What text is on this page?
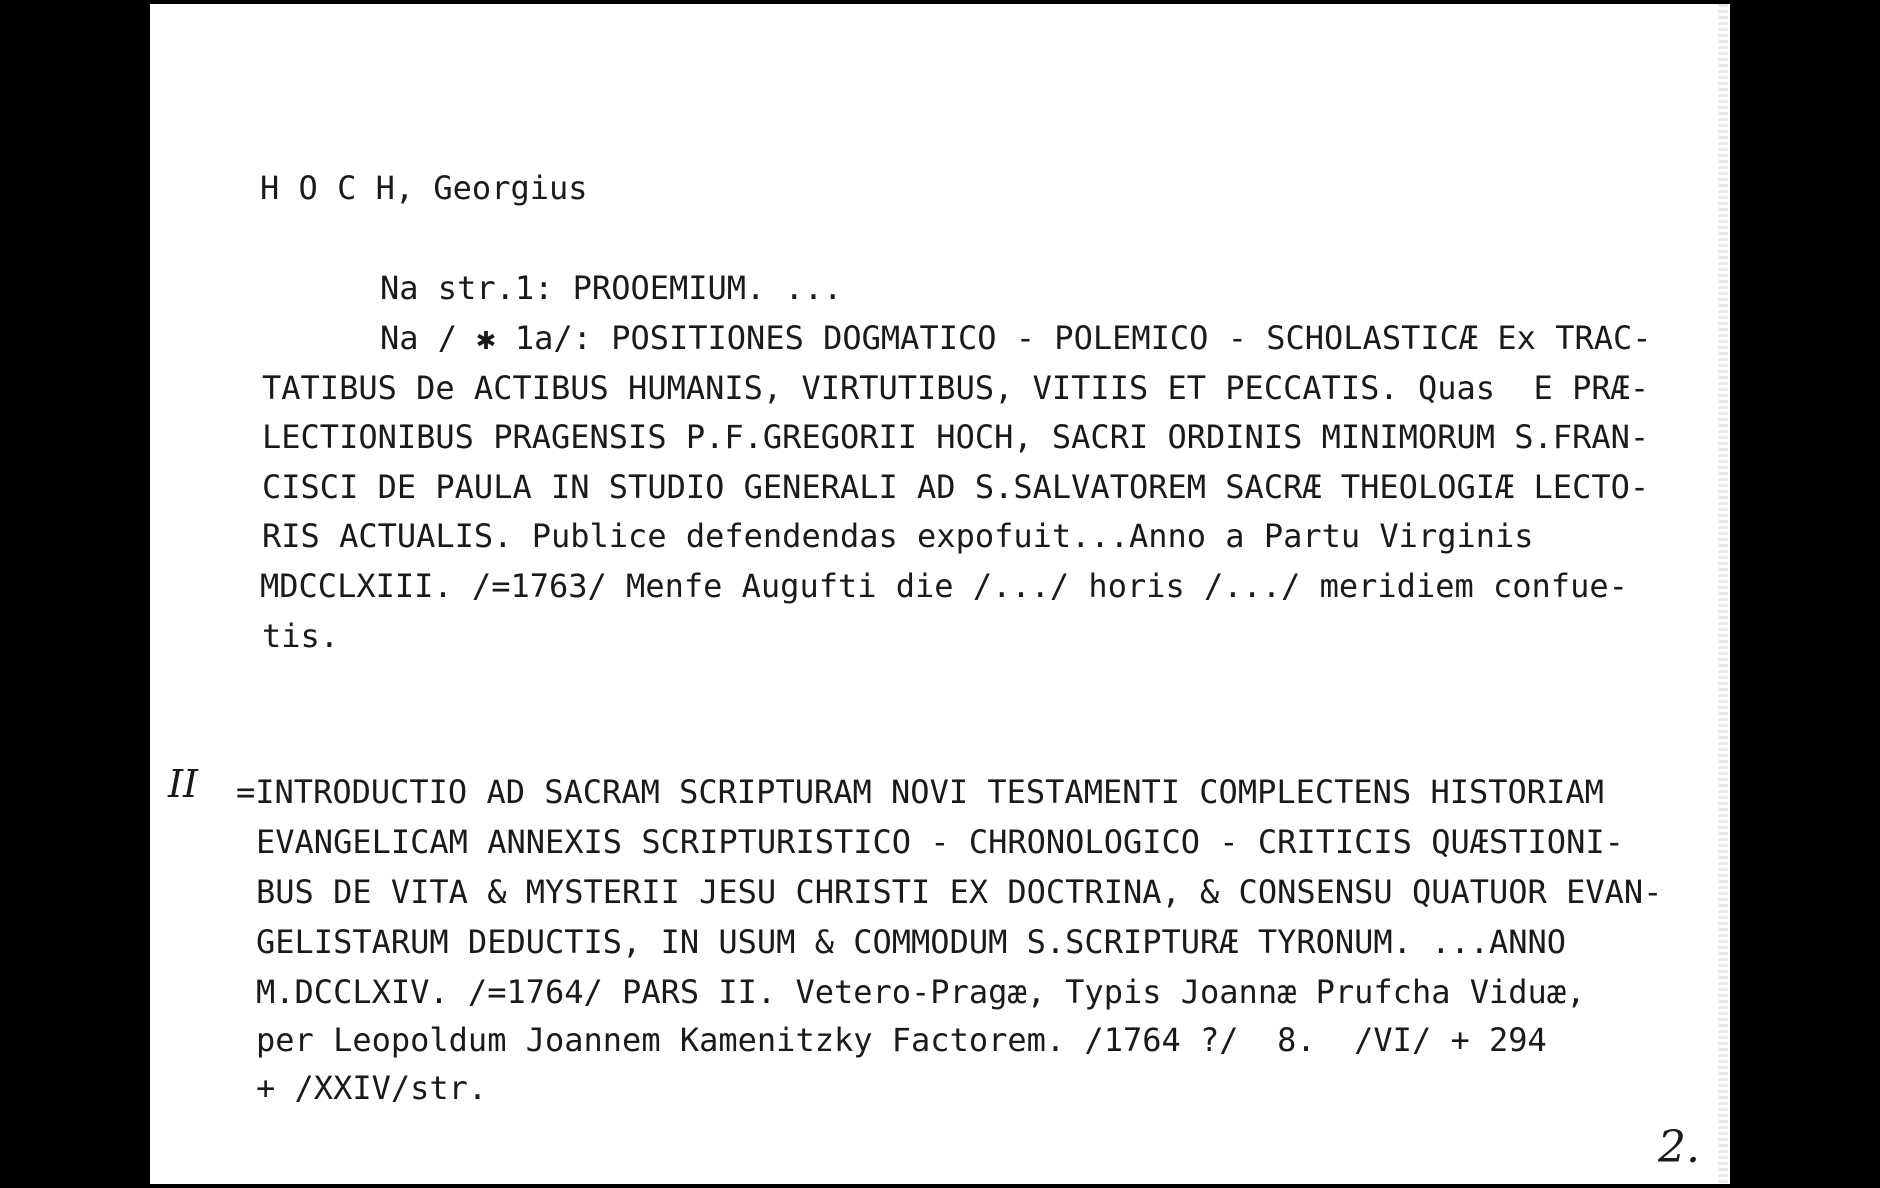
H O C H, Georgius
Na str.1: PROOEMIUM. ...
Na / ✱ 1a/: POSITIONES DOGMATICO - POLEMICO - SCHOLASTICÆ Ex TRAC-
TATIBUS De ACTIBUS HUMANIS, VIRTUTIBUS, VITIIS ET PECCATIS. Quas  E PRÆ-
LECTIONIBUS PRAGENSIS P.F.GREGORII HOCH, SACRI ORDINIS MINIMORUM S.FRAN-
CISCI DE PAULA IN STUDIO GENERALI AD S.SALVATOREM SACRÆ THEOLOGIÆ LECTO-
RIS ACTUALIS. Publice defendendas expofuit...Anno a Partu Virginis
MDCCLXIII. /=1763/ Menfe Augufti die /.../ horis /.../ meridiem confue-
tis.
II =INTRODUCTIO AD SACRAM SCRIPTURAM NOVI TESTAMENTI COMPLECTENS HISTORIAM
EVANGELICAM ANNEXIS SCRIPTURISTICO - CHRONOLOGICO - CRITICIS QUÆSTIONI-
BUS DE VITA & MYSTERII JESU CHRISTI EX DOCTRINA, & CONSENSU QUATUOR EVAN-
GELISTARUM DEDUCTIS, IN USUM & COMMODUM S.SCRIPTURÆ TYRONUM. ...ANNO
M.DCCLXIV. /=1764/ PARS II. Vetero-Pragæ, Typis Joannæ Prufcha Viduæ,
per Leopoldum Joannem Kamenitzky Factorem. /1764 ?/  8.  /VI/ + 294
+ /XXIV/str.
2.
